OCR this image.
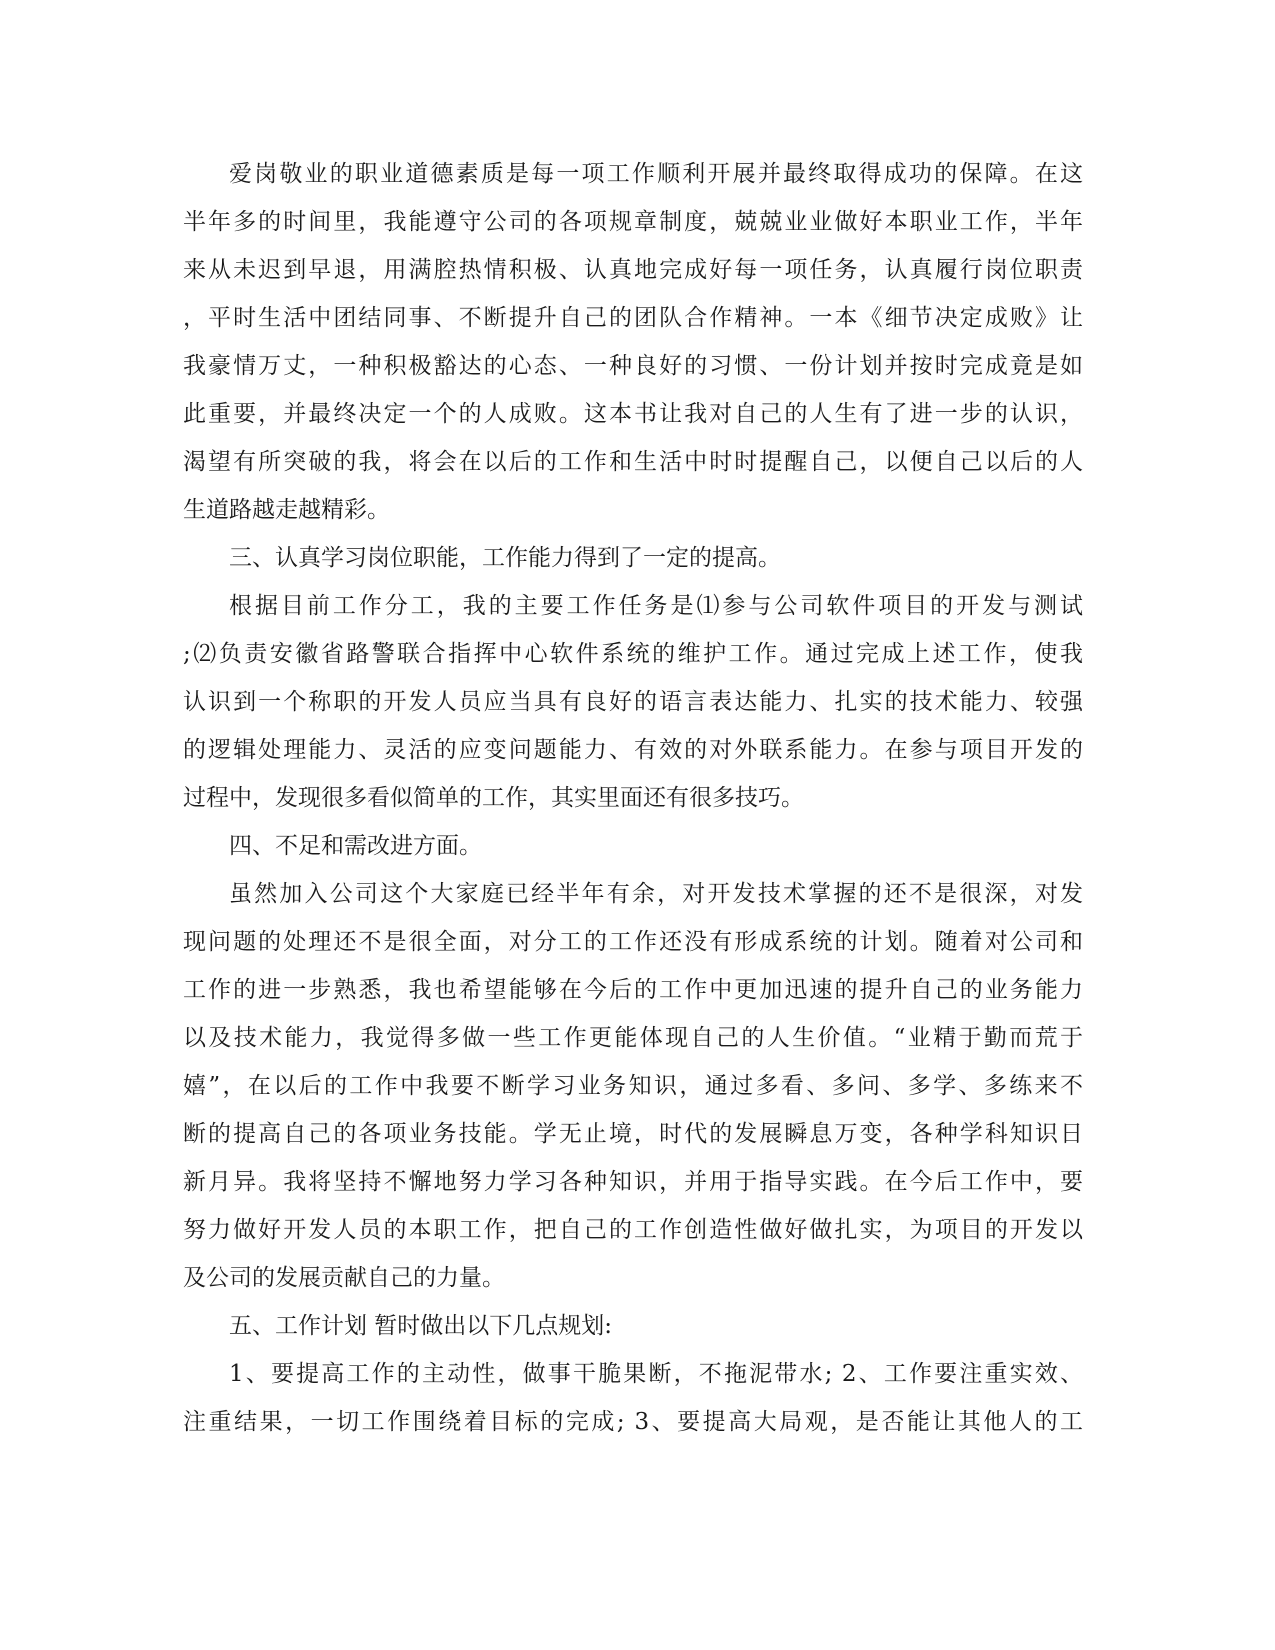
爱岗敬业的职业道德素质是每一项工作顺利开展并最终取得成功的保障。在这
半年多的时间里，我能遵守公司的各项规章制度，兢兢业业做好本职业工作，半年
来从未迟到早退，用满腔热情积极、认真地完成好每一项任务，认真履行岗位职责
，平时生活中团结同事、不断提升自己的团队合作精神。一本《细节决定成败》让
我豪情万丈，一种积极豁达的心态、一种良好的习惯、一份计划并按时完成竟是如
此重要，并最终决定一个的人成败。这本书让我对自己的人生有了进一步的认识，
渴望有所突破的我，将会在以后的工作和生活中时时提醒自己，以便自己以后的人
生道路越走越精彩。
三、认真学习岗位职能，工作能力得到了一定的提高。
根据目前工作分工，我的主要工作任务是⑴参与公司软件项目的开发与测试
;⑵负责安徽省路警联合指挥中心软件系统的维护工作。通过完成上述工作，使我
认识到一个称职的开发人员应当具有良好的语言表达能力、扎实的技术能力、较强
的逻辑处理能力、灵活的应变问题能力、有效的对外联系能力。在参与项目开发的
过程中，发现很多看似简单的工作，其实里面还有很多技巧。
四、不足和需改进方面。
虽然加入公司这个大家庭已经半年有余，对开发技术掌握的还不是很深，对发
现问题的处理还不是很全面，对分工的工作还没有形成系统的计划。随着对公司和
工作的进一步熟悉，我也希望能够在今后的工作中更加迅速的提升自己的业务能力
以及技术能力，我觉得多做一些工作更能体现自己的人生价值。“业精于勤而荒于
嬉”，在以后的工作中我要不断学习业务知识，通过多看、多问、多学、多练来不
断的提高自己的各项业务技能。学无止境，时代的发展瞬息万变，各种学科知识日
新月异。我将坚持不懈地努力学习各种知识，并用于指导实践。在今后工作中，要
努力做好开发人员的本职工作，把自己的工作创造性做好做扎实，为项目的开发以
及公司的发展贡献自己的力量。
五、工作计划 暂时做出以下几点规划:
1、要提高工作的主动性，做事干脆果断，不拖泥带水; 2、工作要注重实效、
注重结果，一切工作围绕着目标的完成; 3、要提高大局观，是否能让其他人的工
